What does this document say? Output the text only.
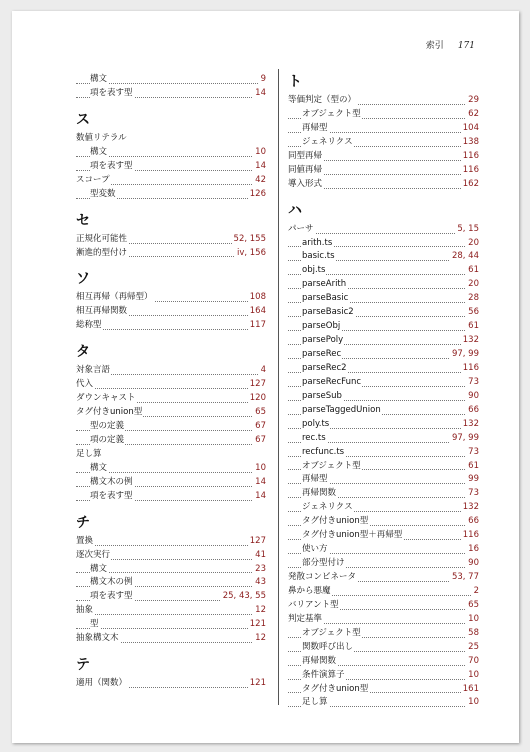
索引 171
構文	9
項を表す型	14
ス
数値リテラル
構文	10
項を表す型	14
スコープ	42
型変数	126
セ
正規化可能性	52, 155
漸進的型付け	iv, 156
ソ
相互再帰（再帰型）	108
相互再帰関数	164
総称型	117
タ
対象言語	4
代入	127
ダウンキャスト	120
タグ付きunion型	65
型の定義	67
項の定義	67
足し算
構文	10
構文木の例	14
項を表す型	14
チ
置換	127
逐次実行	41
構文	23
構文木の例	43
項を表す型	25, 43, 55
抽象	12
型	121
抽象構文木	12
テ
適用（関数）	121
ト
等価判定（型の）	29
オブジェクト型	62
再帰型	104
ジェネリクス	138
同型再帰	116
同値再帰	116
導入形式	162
ハ
パーサ	5, 15
arith.ts	20
basic.ts	28, 44
obj.ts	61
parseArith	20
parseBasic	28
parseBasic2	56
parseObj	61
parsePoly	132
parseRec	97, 99
parseRec2	116
parseRecFunc	73
parseSub	90
parseTaggedUnion	66
poly.ts	132
rec.ts	97, 99
recfunc.ts	73
オブジェクト型	61
再帰型	99
再帰関数	73
ジェネリクス	132
タグ付きunion型	66
タグ付きunion型＋再帰型	116
使い方	16
部分型付け	90
発散コンビネータ	53, 77
鼻から悪魔	2
バリアント型	65
判定基準	10
オブジェクト型	58
関数呼び出し	25
再帰関数	70
条件演算子	10
タグ付きunion型	161
足し算	10
